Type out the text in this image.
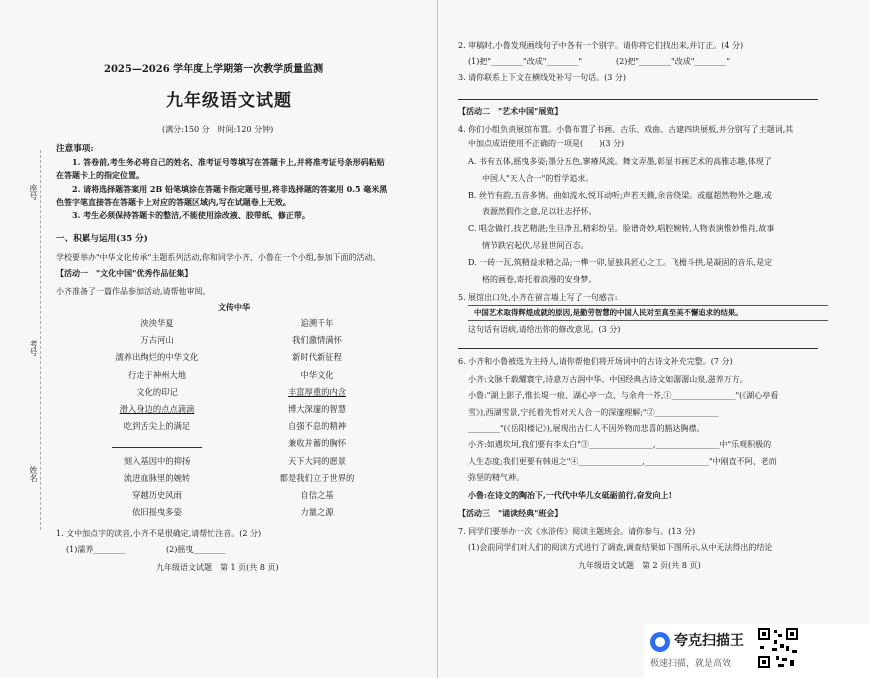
2025—2026 学年度上学期第一次教学质量监测
九年级语文试题
(满分:150 分　时间:120 分钟)
注意事项:
1. 答卷前,考生务必将自己的姓名、准考证号等填写在答题卡上,并将准考证号条形码粘贴
在答题卡上的指定位置。
2. 请将选择题答案用 2B 铅笔填涂在答题卡指定题号里,将非选择题的答案用 0.5 毫米黑
色签字笔直接答在答题卡上对应的答题区域内,写在试题卷上无效。
3. 考生必须保持答题卡的整洁,不能使用涂改液、胶带纸、修正带。
座号
考号
姓名
一、积累与运用(35 分)
学校要举办"中华文化传承"主题系列活动,你和同学小齐、小鲁在一个小组,参加下面的活动。
【活动一　"文化中国"优秀作品征集】
小齐准备了一篇作品参加活动,请帮他审阅。
文传中华
泱泱华夏
万古河山
濡养出绚烂的中华文化
行走于神州大地
文化的印记
滑入身边的点点滴滴
吃到舌尖上的满足
刻入基因中的抑扬
流进血脉里的婉转
穿越历史风雨
依旧摇曳多姿
追溯千年
我们激情满怀
新时代新征程
中华文化
丰富厚重的内含
博大深邃的智慧
自强不息的精神
兼收并蓄的胸怀
天下大同的愿景
都是我们立于世界的
自信之基
力量之源
1. 文中加点字的读音,小齐不是很确定,请帮忙注音。(2 分)
(1)濡养________	(2)摇曳________
九年级语文试题　第 1 页(共 8 页)
2. 审稿时,小鲁发现画线句子中各有一个别字。请你将它们找出来,并订正。(4 分)
(1)把"________"改成"________"	(2)把"________"改成"________"
3. 请你联系上下文在横线处补写一句话。(3 分)
【活动二　"艺术中国"展览】
4. 你们小组负责展馆布置。小鲁布置了书画、古乐、戏曲、古建四块展板,并分别写了主题词,其
中加点成语使用不正确的一项是(　　)(3 分)
A. 书有五体,摇曳多姿;墨分五色,寥瘠风流。舞文弄墨,彰显书画艺术的高雅志趣,体现了
中国人"天人合一"的哲学追求。
B. 丝竹有韵,五音多情。曲如流水,悦耳动听;声若天籁,余音绕梁。或蕴超然物外之趣,或
表源然假作之意,足以壮志抒怀。
C. 唱念做打,技艺精湛;生旦净丑,精彩纷呈。脸谱奇妙,唱腔婉转,人物表演惟妙惟肖,故事
情节跌宕起伏,尽显世间百态。
D. 一砖一瓦,筑精益求精之品;一榫一卯,显独具匠心之工。飞檐斗拱,是凝固的音乐,是定
格的画卷,寄托着浪漫的安身梦。
5. 展馆出口处,小齐在留言墙上写了一句感言:
中国艺术取得辉煌成就的原因,是勤劳智慧的中国人民对至真至美不懈追求的结果。
这句话有语病,请给出你的修改意见。(3 分)
6. 小齐和小鲁被选为主持人,请你帮他们将开场词中的古诗文补充完整。(7 分)
小齐:文脉千载耀寰宇,诗意万古润中华。中国经典古诗文如潺潺山泉,滋养万方。
小鲁:"湖上影子,惟长堤一痕、湖心亭一点、与余舟一芥,①________________"(《湖心亭看
雪》),西湖雪景,宁托着先哲对天人合一的深邃理解;"②________________
________"(《岳阳楼记》),展现出古仁人不因外物而悲喜的豁达胸襟。
小齐:如遇坎坷,我们要有李太白"③________________,________________中"乐观积极的
人生态度;我们更要有韩退之"④________________,________________"中刚直不阿、老而
弥坚的精气神。
小鲁:在诗文的陶冶下,一代代中华儿女砥砺前行,奋发向上!
【活动三　"诵读经典"班会】
7. 同学们要举办一次《水浒传》阅读主题班会。请你参与。(13 分)
(1)会前同学们对人们的阅读方式进行了调查,调查结果如下图所示,从中无法得出的结论
九年级语文试题　第 2 页(共 8 页)
夸克扫描王
极速扫描，就是高效
